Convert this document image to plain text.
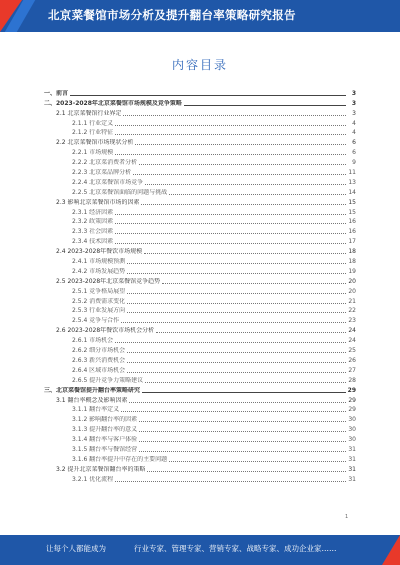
北京菜餐馆市场分析及提升翻台率策略研究报告
内容目录
一、前言	3
二、2023-2028年北京菜餐馆市场规模及竞争策略	3
2.1 北京菜餐馆行业界定	3
2.1.1 行业定义	4
2.1.2 行业特征	4
2.2 北京菜餐馆市场现状分析	6
2.2.1 市场规模	6
2.2.2 北京菜消费者分析	9
2.2.3 北京菜品牌分析	11
2.2.4 北京菜餐馆市场竞争	13
2.2.5 北京菜餐馆面临的问题与挑战	14
2.3 影响北京菜餐馆市场的因素	15
2.3.1 经济因素	15
2.3.2 政策因素	16
2.3.3 社会因素	16
2.3.4 技术因素	17
2.4 2023-2028年餐饮市场规模	18
2.4.1 市场规模预测	18
2.4.2 市场发展趋势	19
2.5 2023-2028年北京菜餐馆竞争趋势	20
2.5.1 竞争格局展望	20
2.5.2 消费需求变化	21
2.5.3 行业发展方向	22
2.5.4 竞争与合作	23
2.6 2023-2028年餐饮市场机会分析	24
2.6.1 市场机会	24
2.6.2 细分市场机会	25
2.6.3 新兴消费机会	26
2.6.4 区域市场机会	27
2.6.5 提升竞争力策略建议	28
三、北京菜餐馆提升翻台率策略研究	29
3.1 翻台率概念及影响因素	29
3.1.1 翻台率定义	29
3.1.2 影响翻台率的因素	30
3.1.3 提升翻台率的意义	30
3.1.4 翻台率与客户体验	30
3.1.5 翻台率与餐馆经营	31
3.1.6 翻台率提升中存在的主要问题	31
3.2 提升北京菜餐馆翻台率的策略	31
3.2.1 优化流程	31
1
让每个人都能成为	行业专家、管理专家、营销专家、战略专家、成功企业家……
